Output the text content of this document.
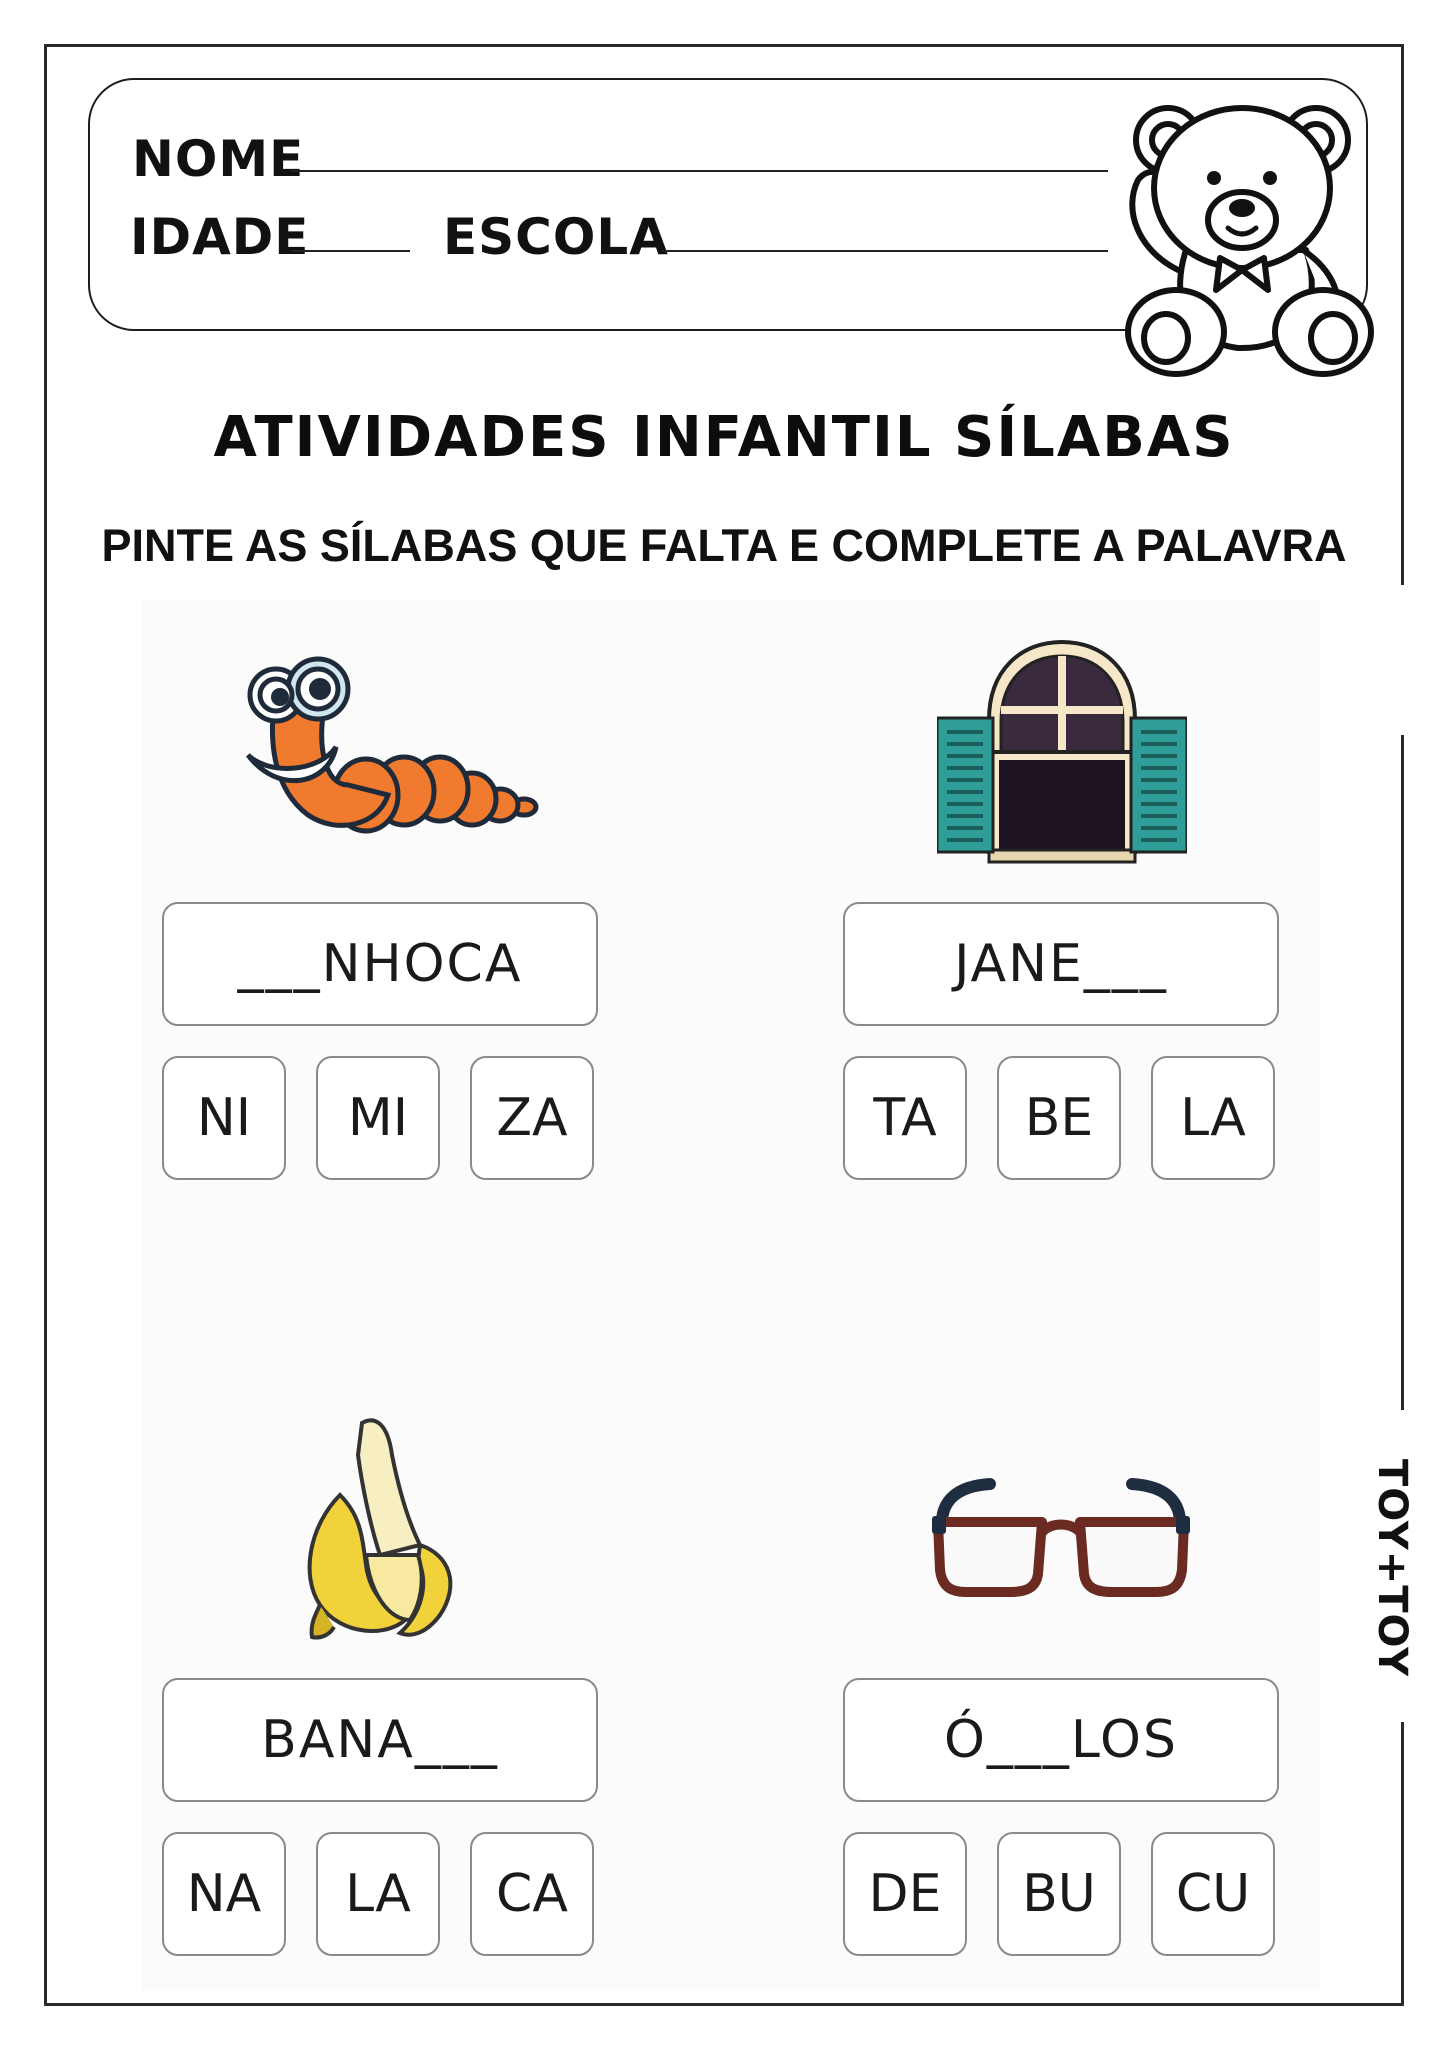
NOME
IDADE	ESCOLA
ATIVIDADES INFANTIL SÍLABAS
PINTE AS SÍLABAS QUE FALTA E COMPLETE A PALAVRA
___NHOCA
NI	MI	ZA
JANE___
TA	BE	LA
BANA___
NA	LA	CA
Ó___LOS
DE	BU	CU
TOY+TOY
